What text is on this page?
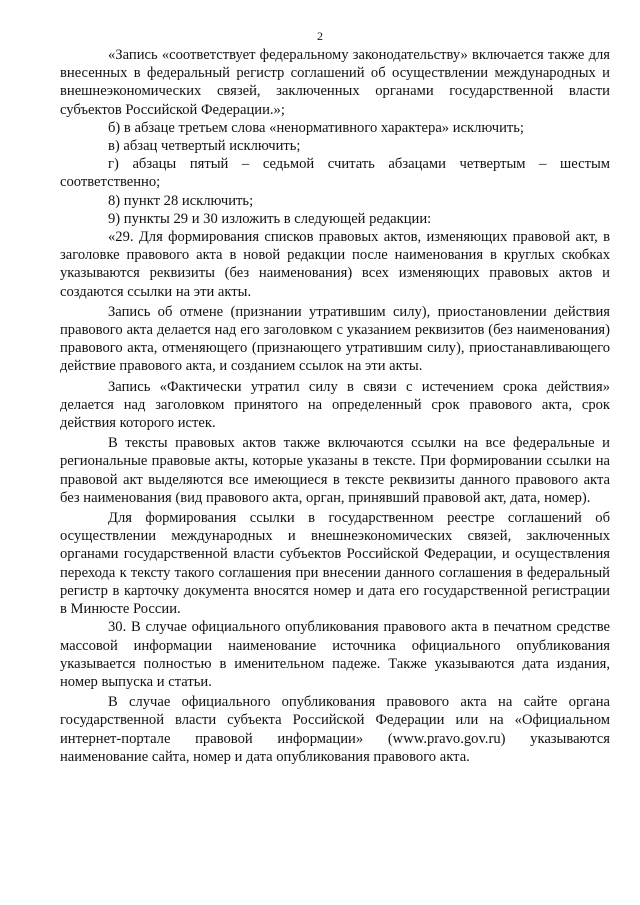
2

«Запись «соответствует федеральному законодательству» включается также для внесенных в федеральный регистр соглашений об осуществлении международных и внешнеэкономических связей, заключенных органами государственной власти субъектов Российской Федерации.»;

б) в абзаце третьем слова «ненормативного характера» исключить;

в) абзац четвертый исключить;

г) абзацы пятый – седьмой считать абзацами четвертым – шестым соответственно;

8) пункт 28 исключить;

9) пункты 29 и 30 изложить в следующей редакции:

«29. Для формирования списков правовых актов, изменяющих правовой акт, в заголовке правового акта в новой редакции после наименования в круглых скобках указываются реквизиты (без наименования) всех изменяющих правовых актов и создаются ссылки на эти акты.

Запись об отмене (признании утратившим силу), приостановлении действия правового акта делается над его заголовком с указанием реквизитов (без наименования) правового акта, отменяющего (признающего утратившим силу), приостанавливающего действие правового акта, и созданием ссылок на эти акты.

Запись «Фактически утратил силу в связи с истечением срока действия» делается над заголовком принятого на определенный срок правового акта, срок действия которого истек.

В тексты правовых актов также включаются ссылки на все федеральные и региональные правовые акты, которые указаны в тексте. При формировании ссылки на правовой акт выделяются все имеющиеся в тексте реквизиты данного правового акта без наименования (вид правового акта, орган, принявший правовой акт, дата, номер).

Для формирования ссылки в государственном реестре соглашений об осуществлении международных и внешнеэкономических связей, заключенных органами государственной власти субъектов Российской Федерации, и осуществления перехода к тексту такого соглашения при внесении данного соглашения в федеральный регистр в карточку документа вносятся номер и дата его государственной регистрации в Минюсте России.

30. В случае официального опубликования правового акта в печатном средстве массовой информации наименование источника официального опубликования указывается полностью в именительном падеже. Также указываются дата издания, номер выпуска и статьи.

В случае официального опубликования правового акта на сайте органа государственной власти субъекта Российской Федерации или на «Официальном интернет-портале правовой информации» (www.pravo.gov.ru) указываются наименование сайта, номер и дата опубликования правового акта.
